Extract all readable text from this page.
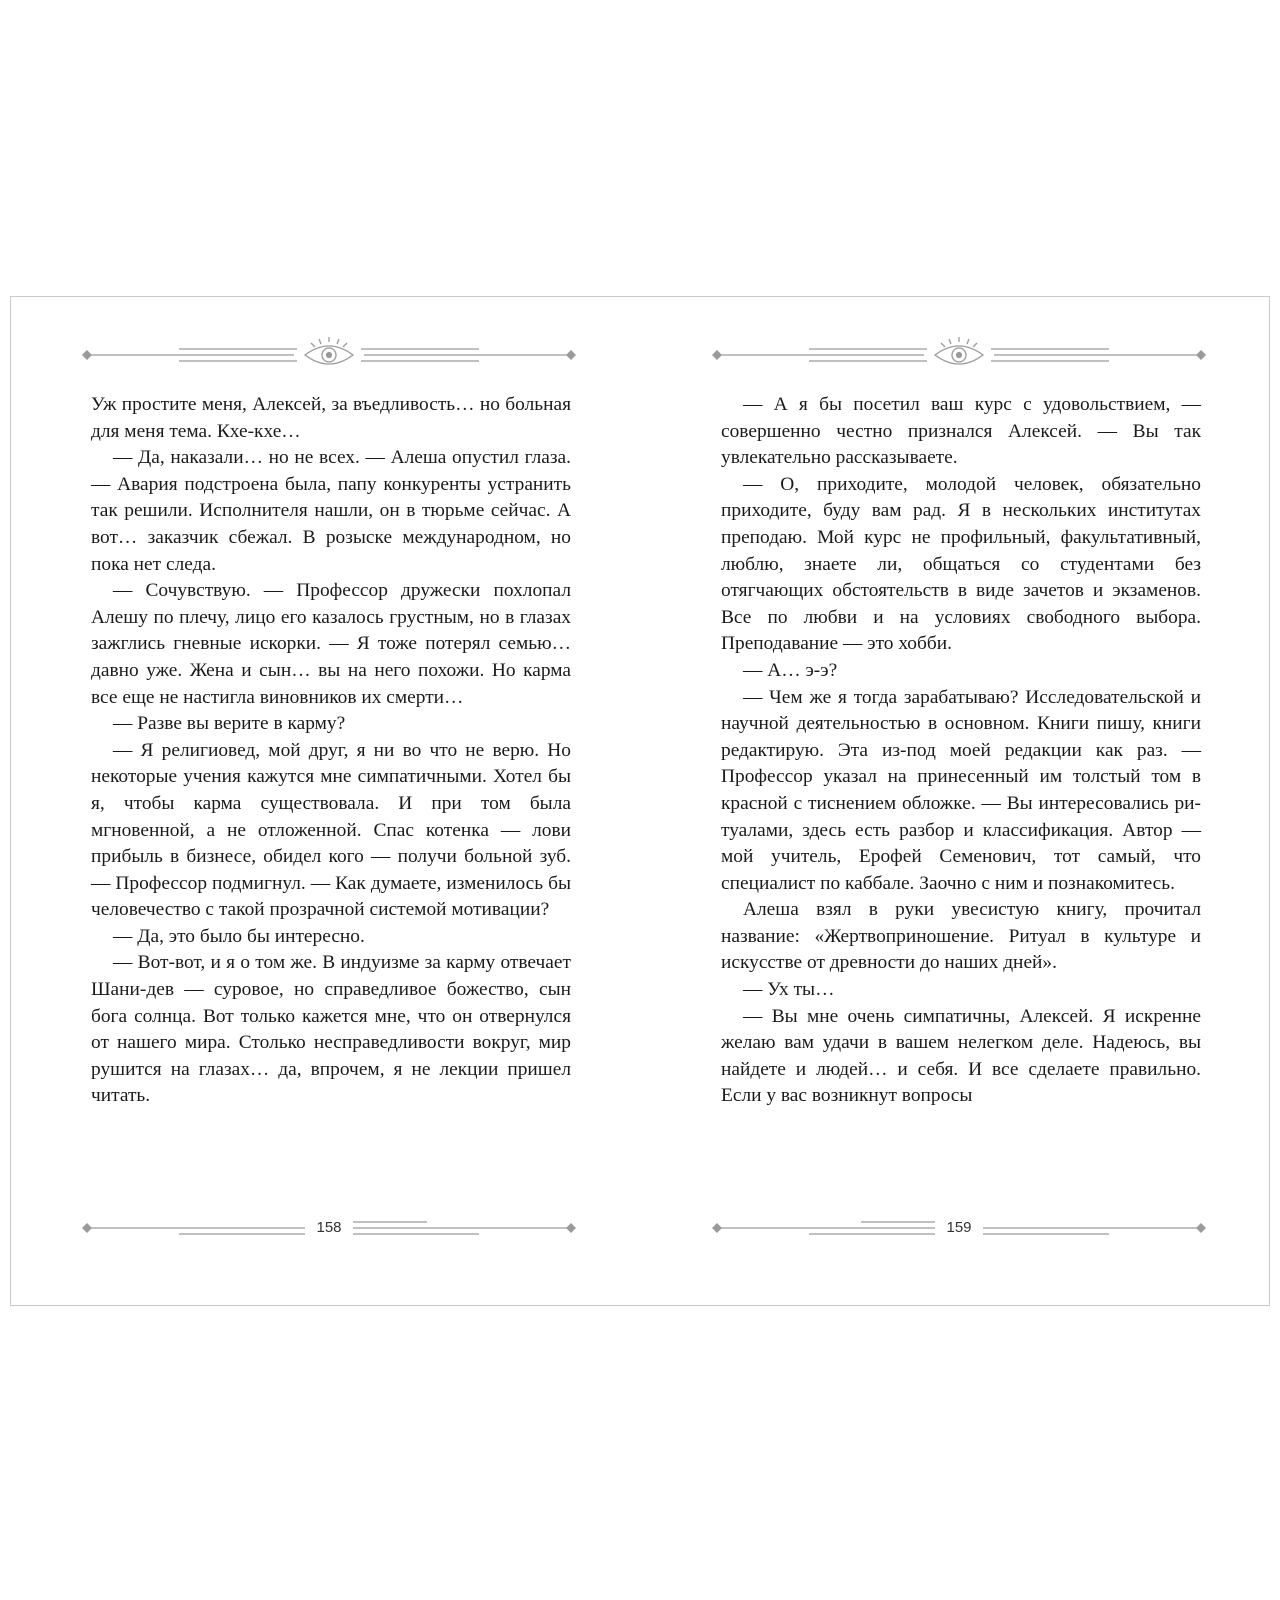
Уж простите меня, Алексей, за въедливость… но больная для меня тема. Кхе-кхе…

— Да, наказали… но не всех. — Алеша опустил глаза. — Авария подстроена была, папу конкуренты устранить так решили. Исполнителя нашли, он в тюрьме сейчас. А вот… заказчик сбежал. В розыске международном, но пока нет следа.

— Сочувствую. — Профессор дружески похлопал Алешу по плечу, лицо его казалось грустным, но в глазах зажглись гневные искорки. — Я тоже потерял семью… давно уже. Жена и сын… вы на него похожи. Но карма все еще не настигла виновников их смерти…

— Разве вы верите в карму?

— Я религиовед, мой друг, я ни во что не верю. Но некоторые учения кажутся мне симпатичными. Хотел бы я, чтобы карма существовала. И при том была мгновенной, а не отложенной. Спас котенка — лови прибыль в бизнесе, обидел кого — получи больной зуб. — Профессор подмигнул. — Как думаете, изменилось бы человечество с такой прозрачной системой мотивации?

— Да, это было бы интересно.

— Вот-вот, и я о том же. В индуизме за карму отвечает Шани-дев — суровое, но справедливое божество, сын бога солнца. Вот только кажется мне, что он отвернулся от нашего мира. Столько несправедливости вокруг, мир рушится на глазах… да, впрочем, я не лекции пришел читать.

158

— А я бы посетил ваш курс с удовольствием, — совершенно честно признался Алексей. — Вы так увлекательно рассказываете.

— О, приходите, молодой человек, обязательно приходите, буду вам рад. Я в нескольких институтах преподаю. Мой курс не профильный, факультативный, люблю, знаете ли, общаться со студентами без отягчающих обстоятельств в виде зачетов и экзаменов. Все по любви и на условиях свободного выбора. Преподавание — это хобби.

— А… э-э?

— Чем же я тогда зарабатываю? Исследовательской и научной деятельностью в основном. Книги пишу, книги редактирую. Эта из-под моей редакции как раз. — Профессор указал на принесенный им толстый том в красной с тиснением обложке. — Вы интересовались ритуалами, здесь есть разбор и классификация. Автор — мой учитель, Ерофей Семенович, тот самый, что специалист по каббале. Заочно с ним и познакомитесь.

Алеша взял в руки увесистую книгу, прочитал название: «Жертвоприношение. Ритуал в культуре и искусстве от древности до наших дней».

— Ух ты…

— Вы мне очень симпатичны, Алексей. Я искренне желаю вам удачи в вашем нелегком деле. Надеюсь, вы найдете и людей… и себя. И все сделаете правильно. Если у вас возникнут вопросы

159
